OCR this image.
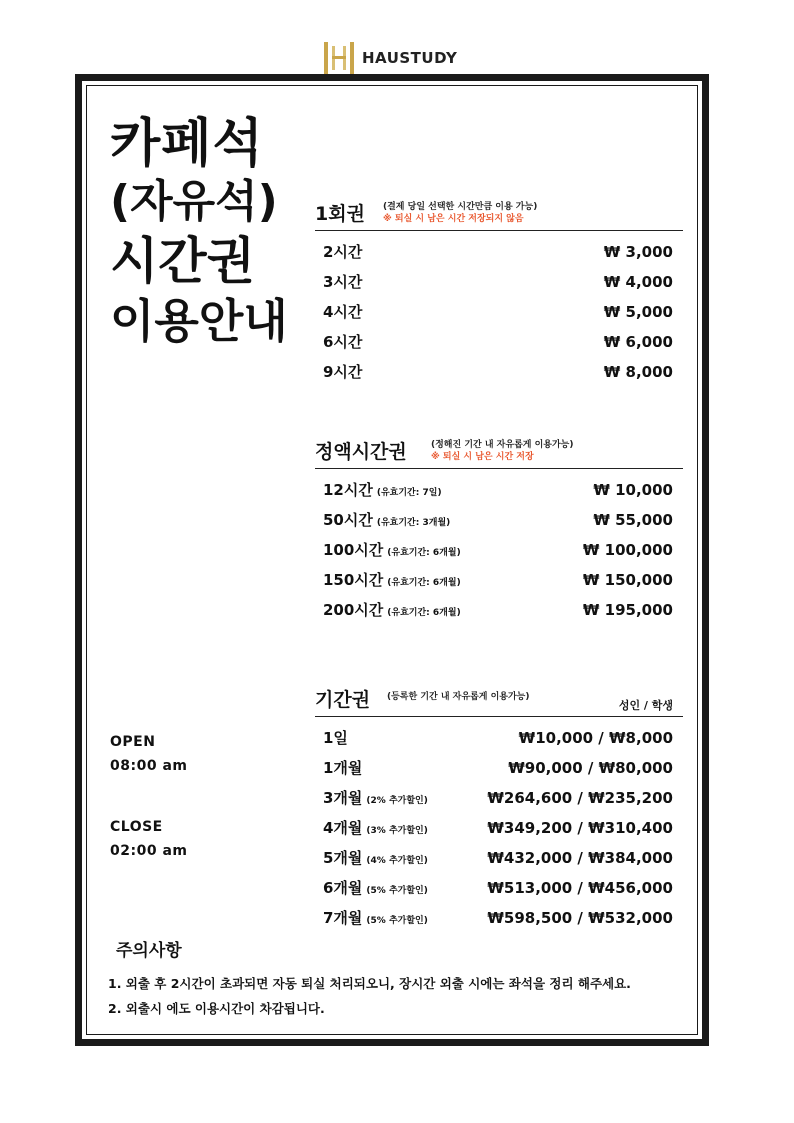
HAUSTUDY
카페석
(자유석)
시간권
이용안내
1회권 (결제 당일 선택한 시간만큼 이용 가능)
※ 퇴실 시 남은 시간 저장되지 않음
2시간	₩ 3,000
3시간	₩ 4,000
4시간	₩ 5,000
6시간	₩ 6,000
9시간	₩ 8,000
정액시간권	(정해진 기간 내 자유롭게 이용가능)
※ 퇴실 시 남은 시간 저장
12시간 (유효기간: 7일)	₩ 10,000
50시간 (유효기간: 3개월)	₩ 55,000
100시간 (유효기간: 6개월)	₩ 100,000
150시간 (유효기간: 6개월)	₩ 150,000
200시간 (유효기간: 6개월)	₩ 195,000
기간권 (등록한 기간 내 자유롭게 이용가능)
성인 / 학생
1일	₩10,000 / ₩8,000
1개월	₩90,000 / ₩80,000
3개월 (2% 추가할인)	₩264,600 / ₩235,200
4개월 (3% 추가할인)	₩349,200 / ₩310,400
5개월 (4% 추가할인)	₩432,000 / ₩384,000
6개월 (5% 추가할인)	₩513,000 / ₩456,000
7개월 (5% 추가할인)	₩598,500 / ₩532,000
OPEN
08:00 am
CLOSE
02:00 am
주의사항
1. 외출 후 2시간이 초과되면 자동 퇴실 처리되오니, 장시간 외출 시에는 좌석을 정리 해주세요.
2. 외출시 에도 이용시간이 차감됩니다.
